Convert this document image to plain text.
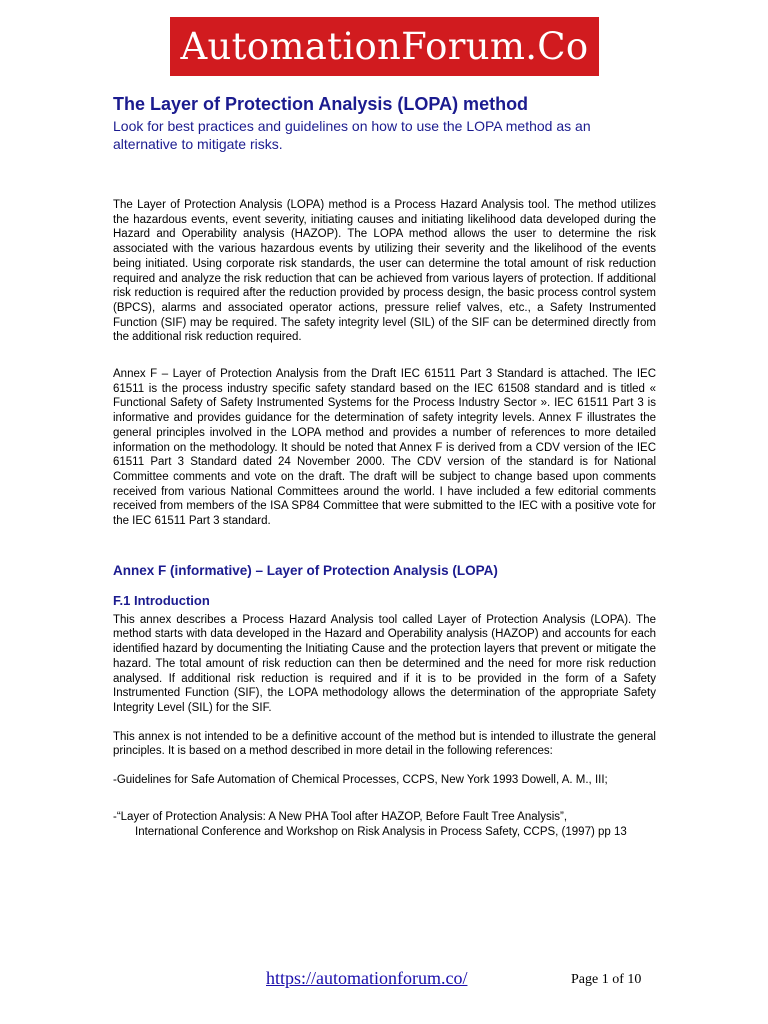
AutomationForum.Co
The Layer of Protection Analysis (LOPA) method

Look for best practices and guidelines on how to use the LOPA method as an alternative to mitigate risks.

The Layer of Protection Analysis (LOPA) method is a Process Hazard Analysis tool. The method utilizes the hazardous events, event severity, initiating causes and initiating likelihood data developed during the Hazard and Operability analysis (HAZOP). The LOPA method allows the user to determine the risk associated with the various hazardous events by utilizing their severity and the likelihood of the events being initiated. Using corporate risk standards, the user can determine the total amount of risk reduction required and analyze the risk reduction that can be achieved from various layers of protection. If additional risk reduction is required after the reduction provided by process design, the basic process control system (BPCS), alarms and associated operator actions, pressure relief valves, etc., a Safety Instrumented Function (SIF) may be required. The safety integrity level (SIL) of the SIF can be determined directly from the additional risk reduction required.

Annex F – Layer of Protection Analysis from the Draft IEC 61511 Part 3 Standard is attached. The IEC 61511 is the process industry specific safety standard based on the IEC 61508 standard and is titled « Functional Safety of Safety Instrumented Systems for the Process Industry Sector ». IEC 61511 Part 3 is informative and provides guidance for the determination of safety integrity levels. Annex F illustrates the general principles involved in the LOPA method and provides a number of references to more detailed information on the methodology. It should be noted that Annex F is derived from a CDV version of the IEC 61511 Part 3 Standard dated 24 November 2000. The CDV version of the standard is for National Committee comments and vote on the draft. The draft will be subject to change based upon comments received from various National Committees around the world. I have included a few editorial comments received from members of the ISA SP84 Committee that were submitted to the IEC with a positive vote for the IEC 61511 Part 3 standard.

Annex F (informative) – Layer of Protection Analysis (LOPA)
F.1 Introduction

This annex describes a Process Hazard Analysis tool called Layer of Protection Analysis (LOPA). The method starts with data developed in the Hazard and Operability analysis (HAZOP) and accounts for each identified hazard by documenting the Initiating Cause and the protection layers that prevent or mitigate the hazard. The total amount of risk reduction can then be determined and the need for more risk reduction analysed. If additional risk reduction is required and if it is to be provided in the form of a Safety Instrumented Function (SIF), the LOPA methodology allows the determination of the appropriate Safety Integrity Level (SIL) for the SIF.

This annex is not intended to be a definitive account of the method but is intended to illustrate the general principles. It is based on a method described in more detail in the following references:

-Guidelines for Safe Automation of Chemical Processes, CCPS, New York 1993 Dowell, A. M., III;

-“Layer of Protection Analysis: A New PHA Tool after HAZOP, Before Fault Tree Analysis”,
International Conference and Workshop on Risk Analysis in Process Safety, CCPS, (1997) pp 13

https://automationforum.co/	Page 1 of 10
